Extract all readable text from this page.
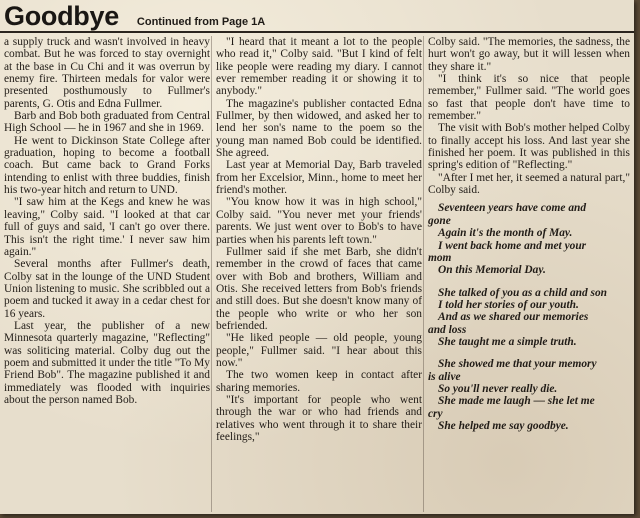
Goodbye Continued from Page 1A

a supply truck and wasn't involved in heavy combat. But he was forced to stay overnight at the base in Cu Chi and it was overrun by enemy fire. Thirteen medals for valor were presented posthumously to Fullmer's parents, G. Otis and Edna Fullmer.

Barb and Bob both graduated from Central High School — he in 1967 and she in 1969.

He went to Dickinson State College after graduation, hoping to become a football coach. But came back to Grand Forks intending to enlist with three buddies, finish his two-year hitch and return to UND.

"I saw him at the Kegs and knew he was leaving," Colby said. "I looked at that car full of guys and said, 'I can't go over there. This isn't the right time.' I never saw him again."

Several months after Fullmer's death, Colby sat in the lounge of the UND Student Union listening to music. She scribbled out a poem and tucked it away in a cedar chest for 16 years.

Last year, the publisher of a new Minnesota quarterly magazine, "Reflecting" was soliticing material. Colby dug out the poem and submitted it under the title "To My Friend Bob". The magazine published it and immediately was flooded with inquiries about the person named Bob.

"I heard that it meant a lot to the people who read it," Colby said. "But I kind of felt like people were reading my diary. I cannot ever remember reading it or showing it to anybody."

The magazine's publisher contacted Edna Fullmer, by then widowed, and asked her to lend her son's name to the poem so the young man named Bob could be identified. She agreed.

Last year at Memorial Day, Barb traveled from her Excelsior, Minn., home to meet her friend's mother.

"You know how it was in high school," Colby said. "You never met your friends' parents. We just went over to Bob's to have parties when his parents left town."

Fullmer said if she met Barb, she didn't remember in the crowd of faces that came over with Bob and brothers, William and Otis. She received letters from Bob's friends and still does. But she doesn't know many of the people who write or who her son befriended.

"He liked people — old people, young people," Fullmer said. "I hear about this now."

The two women keep in contact after sharing memories.

"It's important for people who went through the war or who had friends and relatives who went through it to share their feelings,"

Colby said. "The memories, the sadness, the hurt won't go away, but it will lessen when they share it."

"I think it's so nice that people remember," Fullmer said. "The world goes so fast that people don't have time to remember."

The visit with Bob's mother helped Colby to finally accept his loss. And last year she finished her poem. It was published in this spring's edition of "Reflecting."

"After I met her, it seemed a natural part," Colby said.

Seventeen years have come and
gone
Again it's the month of May.
I went back home and met your
mom
On this Memorial Day.
She talked of you as a child and son
I told her stories of our youth.
And as we shared our memories
and loss
She taught me a simple truth.
She showed me that your memory
is alive
So you'll never really die.
She made me laugh — she let me
cry
She helped me say goodbye.
